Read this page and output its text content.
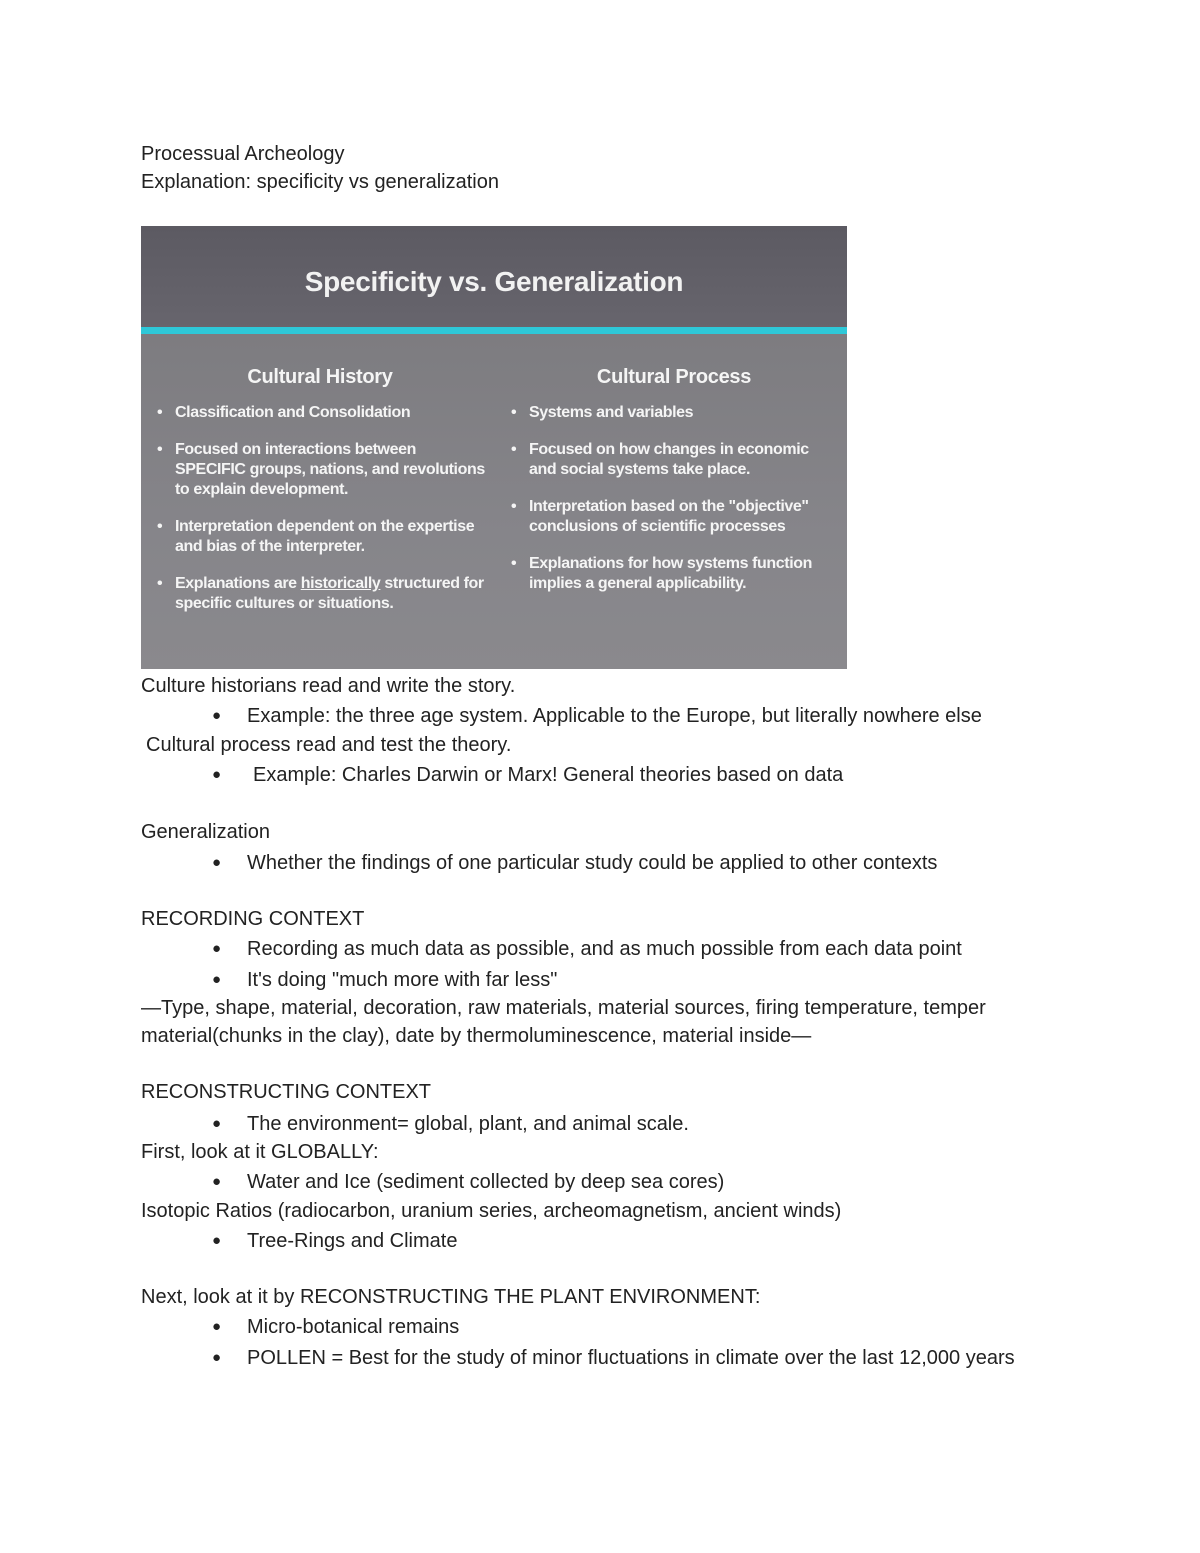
Processual Archeology
Explanation: specificity vs generalization
Specificity vs. Generalization
Cultural History
• Classification and Consolidation
• Focused on interactions between SPECIFIC groups, nations, and revolutions to explain development.
• Interpretation dependent on the expertise and bias of the interpreter.
• Explanations are historically structured for specific cultures or situations.
Cultural Process
• Systems and variables
• Focused on how changes in economic and social systems take place.
• Interpretation based on the "objective" conclusions of scientific processes
• Explanations for how systems function implies a general applicability.
Culture historians read and write the story.
● Example: the three age system. Applicable to the Europe, but literally nowhere else
Cultural process read and test the theory.
● Example: Charles Darwin or Marx! General theories based on data
Generalization
● Whether the findings of one particular study could be applied to other contexts
RECORDING CONTEXT
● Recording as much data as possible, and as much possible from each data point
● It's doing "much more with far less"
—Type, shape, material, decoration, raw materials, material sources, firing temperature, temper
material(chunks in the clay), date by thermoluminescence, material inside—
RECONSTRUCTING CONTEXT
● The environment= global, plant, and animal scale.
First, look at it GLOBALLY:
● Water and Ice (sediment collected by deep sea cores)
Isotopic Ratios (radiocarbon, uranium series, archeomagnetism, ancient winds)
● Tree-Rings and Climate
Next, look at it by RECONSTRUCTING THE PLANT ENVIRONMENT:
● Micro-botanical remains
● POLLEN = Best for the study of minor fluctuations in climate over the last 12,000 years
